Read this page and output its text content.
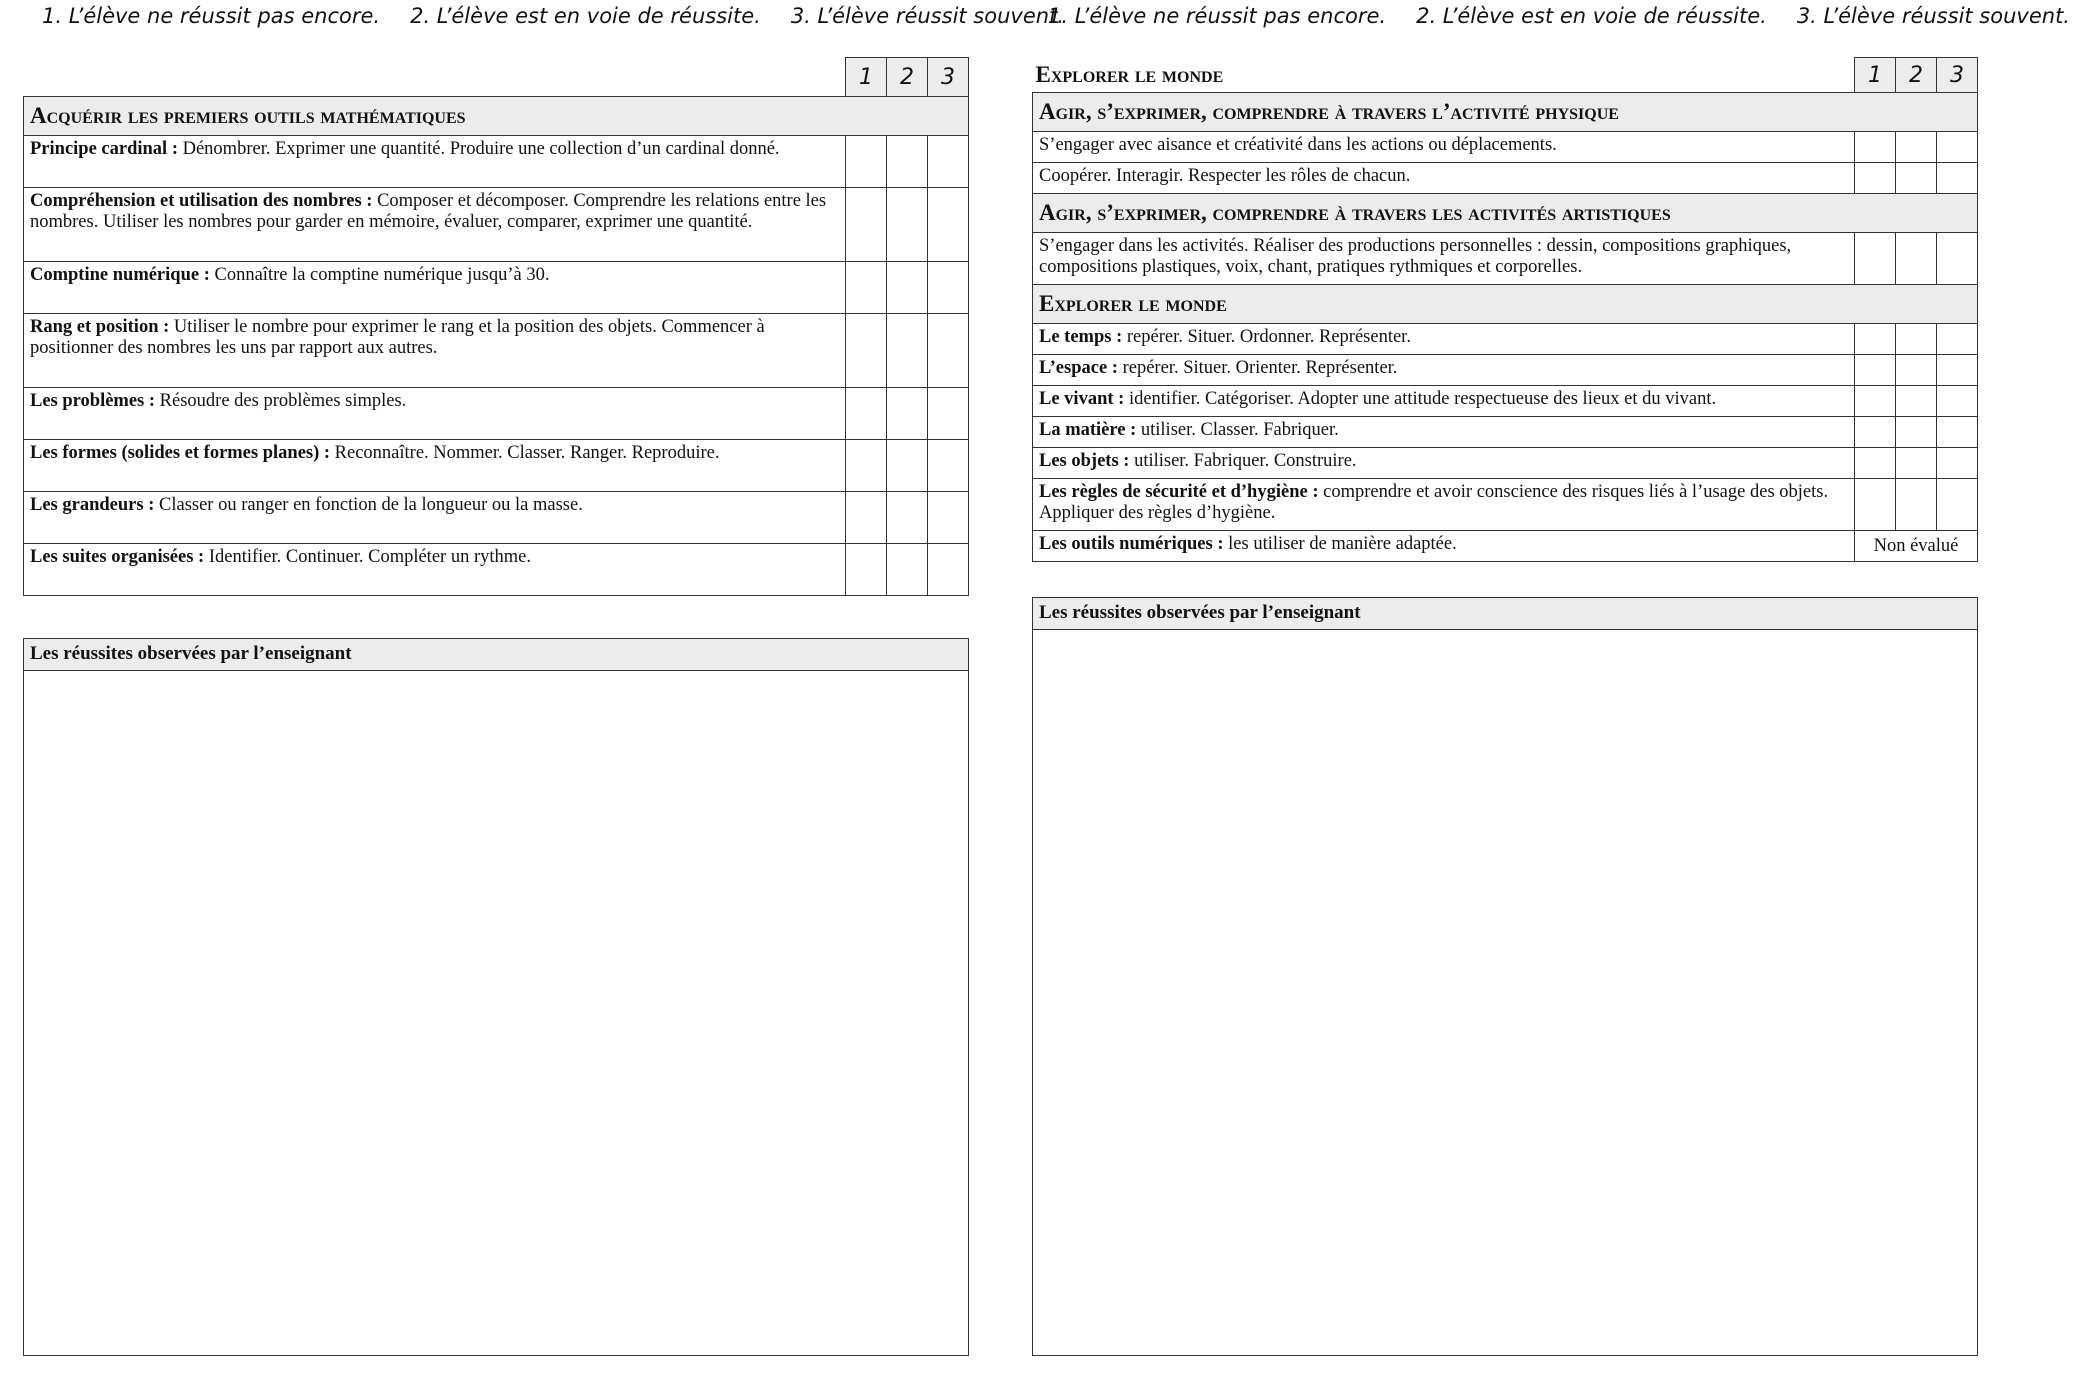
1. L’élève ne réussit pas encore. 2. L’élève est en voie de réussite. 3. L’élève réussit souvent.
1. L’élève ne réussit pas encore. 2. L’élève est en voie de réussite. 3. L’élève réussit souvent.
	1	2	3
Acquérir les premiers outils mathématiques			
Principe cardinal : Dénombrer. Exprimer une quantité. Produire une collection d’un cardinal donné.			
Compréhension et utilisation des nombres : Composer et décomposer. Comprendre les relations entre les nombres. Utiliser les nombres pour garder en mémoire, évaluer, comparer, exprimer une quantité.			
Comptine numérique : Connaître la comptine numérique jusqu’à 30.			
Rang et position : Utiliser le nombre pour exprimer le rang et la position des objets. Commencer à positionner des nombres les uns par rapport aux autres.			
Les problèmes : Résoudre des problèmes simples.			
Les formes (solides et formes planes) : Reconnaître. Nommer. Classer. Ranger. Reproduire.			
Les grandeurs : Classer ou ranger en fonction de la longueur ou la masse.			
Les suites organisées : Identifier. Continuer. Compléter un rythme.			
Les réussites observées par l’enseignant
Explorer le monde	1	2	3
Agir, s’exprimer, comprendre à travers l’activité physique			
S’engager avec aisance et créativité dans les actions ou déplacements.			
Coopérer. Interagir. Respecter les rôles de chacun.			
Agir, s’exprimer, comprendre à travers les activités artistiques			
S’engager dans les activités. Réaliser des productions personnelles : dessin, compositions graphiques, compositions plastiques, voix, chant, pratiques rythmiques et corporelles.			
Explorer le monde			
Le temps : repérer. Situer. Ordonner. Représenter.			
L’espace : repérer. Situer. Orienter. Représenter.			
Le vivant : identifier. Catégoriser. Adopter une attitude respectueuse des lieux et du vivant.			
La matière : utiliser. Classer. Fabriquer.			
Les objets : utiliser. Fabriquer. Construire.			
Les règles de sécurité et d’hygiène : comprendre et avoir conscience des risques liés à l’usage des objets. Appliquer des règles d’hygiène.			
Les outils numériques : les utiliser de manière adaptée.	Non évalué		
Les réussites observées par l’enseignant
